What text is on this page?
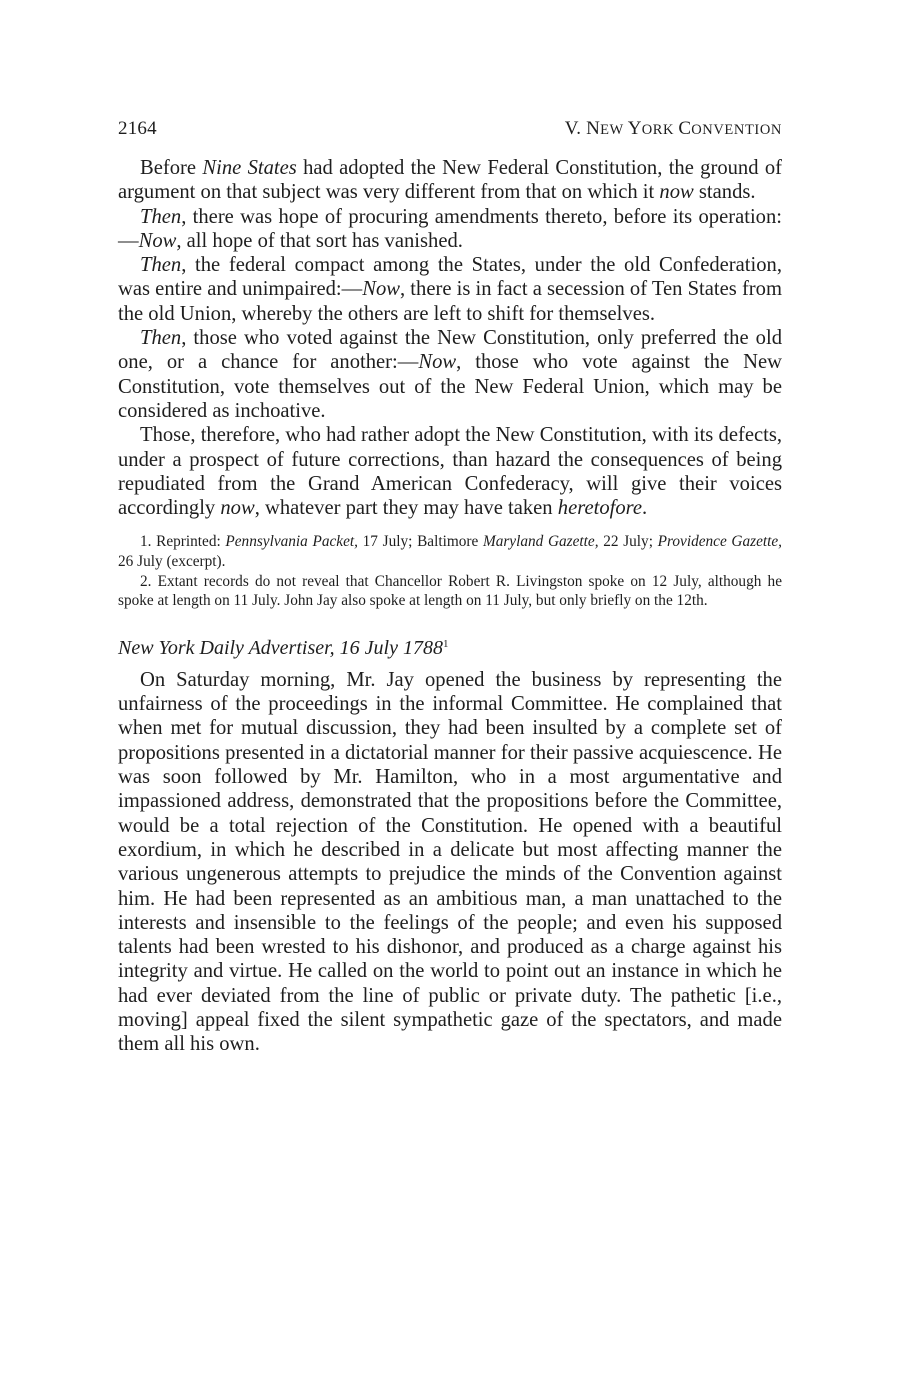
2164	V. NEW YORK CONVENTION

Before Nine States had adopted the New Federal Constitution, the ground of argument on that subject was very different from that on which it now stands.

Then, there was hope of procuring amendments thereto, before its operation:—Now, all hope of that sort has vanished.

Then, the federal compact among the States, under the old Confederation, was entire and unimpaired:—Now, there is in fact a secession of Ten States from the old Union, whereby the others are left to shift for themselves.

Then, those who voted against the New Constitution, only preferred the old one, or a chance for another:—Now, those who vote against the New Constitution, vote themselves out of the New Federal Union, which may be considered as inchoative.

Those, therefore, who had rather adopt the New Constitution, with its defects, under a prospect of future corrections, than hazard the consequences of being repudiated from the Grand American Confederacy, will give their voices accordingly now, whatever part they may have taken heretofore.

1. Reprinted: Pennsylvania Packet, 17 July; Baltimore Maryland Gazette, 22 July; Providence Gazette, 26 July (excerpt).

2. Extant records do not reveal that Chancellor Robert R. Livingston spoke on 12 July, although he spoke at length on 11 July. John Jay also spoke at length on 11 July, but only briefly on the 12th.

New York Daily Advertiser, 16 July 1788$^1$

On Saturday morning, Mr. Jay opened the business by representing the unfairness of the proceedings in the informal Committee. He complained that when met for mutual discussion, they had been insulted by a complete set of propositions presented in a dictatorial manner for their passive acquiescence. He was soon followed by Mr. Hamilton, who in a most argumentative and impassioned address, demonstrated that the propositions before the Committee, would be a total rejection of the Constitution. He opened with a beautiful exordium, in which he described in a delicate but most affecting manner the various ungenerous attempts to prejudice the minds of the Convention against him. He had been represented as an ambitious man, a man unattached to the interests and insensible to the feelings of the people; and even his supposed talents had been wrested to his dishonor, and produced as a charge against his integrity and virtue. He called on the world to point out an instance in which he had ever deviated from the line of public or private duty. The pathetic [i.e., moving] appeal fixed the silent sympathetic gaze of the spectators, and made them all his own.
